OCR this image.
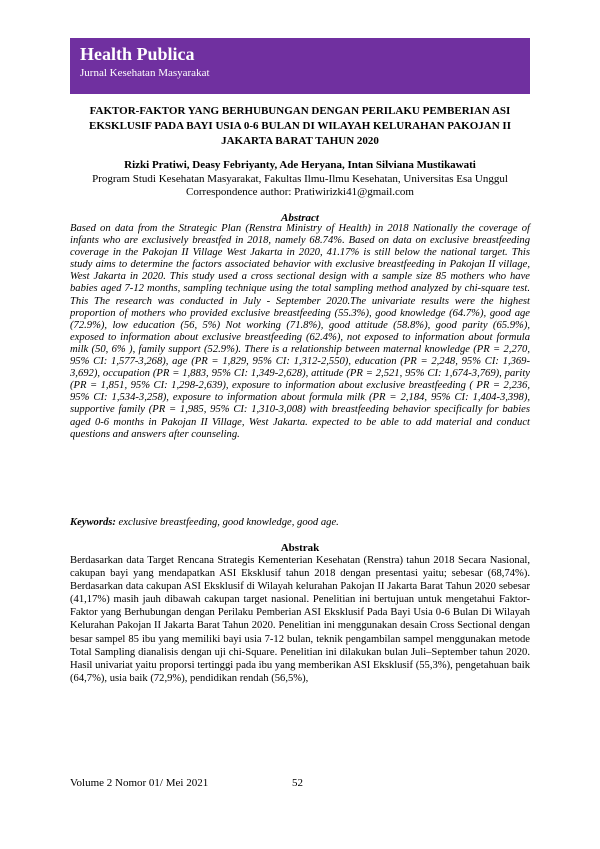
Health Publica
Jurnal Kesehatan Masyarakat
FAKTOR-FAKTOR YANG BERHUBUNGAN DENGAN PERILAKU PEMBERIAN ASI EKSKLUSIF PADA BAYI USIA 0-6 BULAN DI WILAYAH KELURAHAN PAKOJAN II JAKARTA BARAT TAHUN 2020
Rizki Pratiwi, Deasy Febriyanty, Ade Heryana, Intan Silviana Mustikawati
Program Studi Kesehatan Masyarakat, Fakultas Ilmu-Ilmu Kesehatan, Universitas Esa Unggul
Correspondence author: Pratiwirizki41@gmail.com
Abstract

Based on data from the Strategic Plan (Renstra Ministry of Health) in 2018 Nationally the coverage of infants who are exclusively breastfed in 2018, namely 68.74%. Based on data on exclusive breastfeeding coverage in the Pakojan II Village West Jakarta in 2020, 41.17% is still below the national target. This study aims to determine the factors associated behavior with exclusive breastfeeding in Pakojan II village, West Jakarta in 2020. This study used a cross sectional design with a sample size 85 mothers who have babies aged 7-12 months, sampling technique using the total sampling method analyzed by chi-square test. This The research was conducted in July - September 2020.The univariate results were the highest proportion of mothers who provided exclusive breastfeeding (55.3%), good knowledge (64.7%), good age (72.9%), low education (56, 5%) Not working (71.8%), good attitude (58.8%), good parity (65.9%), exposed to information about exclusive breastfeeding (62.4%), not exposed to information about formula milk (50, 6% ), family support (52.9%). There is a relationship between maternal knowledge (PR = 2,270, 95% CI: 1,577-3,268), age (PR = 1,829, 95% CI: 1,312-2,550), education (PR = 2,248, 95% CI: 1,369-3,692), occupation (PR = 1,883, 95% CI: 1,349-2,628), attitude (PR = 2,521, 95% CI: 1,674-3,769), parity (PR = 1,851, 95% CI: 1,298-2,639), exposure to information about exclusive breastfeeding ( PR = 2,236, 95% CI: 1,534-3,258), exposure to information about formula milk (PR = 2,184, 95% CI: 1,404-3,398), supportive family (PR = 1,985, 95% CI: 1,310-3,008) with breastfeeding behavior specifically for babies aged 0-6 months in Pakojan II Village, West Jakarta. expected to be able to add material and conduct questions and answers after counseling.

Keywords: exclusive breastfeeding, good knowledge, good age.

Abstrak

Berdasarkan data Target Rencana Strategis Kementerian Kesehatan (Renstra) tahun 2018 Secara Nasional, cakupan bayi yang mendapatkan ASI Eksklusif tahun 2018 dengan presentasi yaitu; sebesar (68,74%). Berdasarkan data cakupan ASI Eksklusif di Wilayah kelurahan Pakojan II Jakarta Barat Tahun 2020 sebesar (41,17%) masih jauh dibawah cakupan target nasional. Penelitian ini bertujuan untuk mengetahui Faktor-Faktor yang Berhubungan dengan Perilaku Pemberian ASI Eksklusif Pada Bayi Usia 0-6 Bulan Di Wilayah Kelurahan Pakojan II Jakarta Barat Tahun 2020. Penelitian ini menggunakan desain Cross Sectional dengan besar sampel 85 ibu yang memiliki bayi usia 7-12 bulan, teknik pengambilan sampel menggunakan metode Total Sampling dianalisis dengan uji chi-Square. Penelitian ini dilakukan bulan Juli–September tahun 2020. Hasil univariat yaitu proporsi tertinggi pada ibu yang memberikan ASI Eksklusif (55,3%), pengetahuan baik (64,7%), usia baik (72,9%), pendidikan rendah (56,5%),

Volume 2 Nomor 01/ Mei 2021	52
